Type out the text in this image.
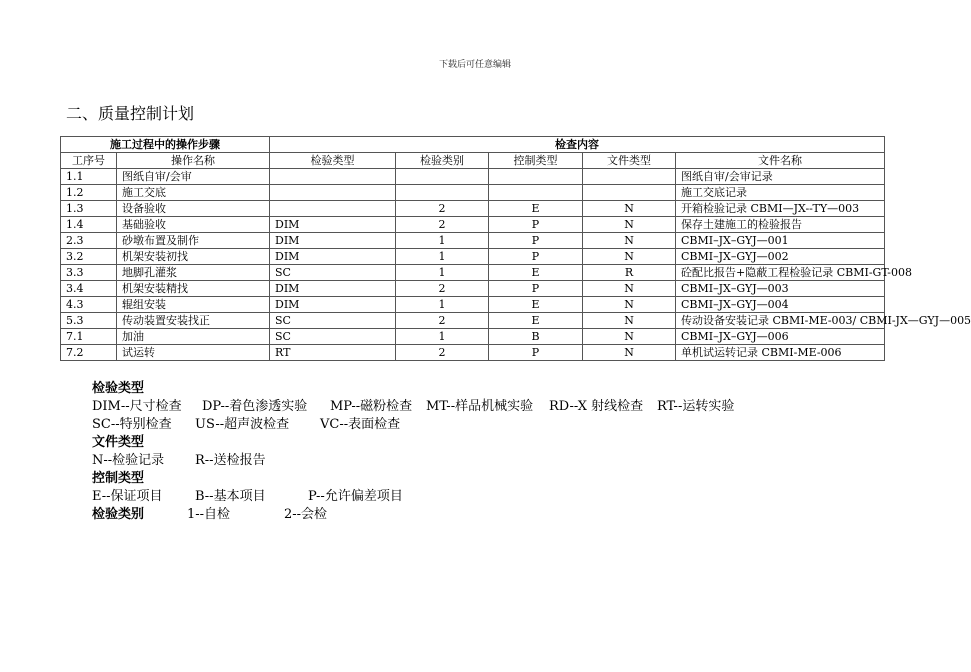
下载后可任意编辑
二、质量控制计划
施工过程中的操作步骤		检查内容				
工序号	操作名称	检验类型	检验类别	控制类型	文件类型	文件名称
1.1	图纸自审/会审					图纸自审/会审记录
1.2	施工交底					施工交底记录
1.3	设备验收		2	E	N	开箱检验记录 CBMI—JX--TY—003
1.4	基础验收	DIM	2	P	N	保存土建施工的检验报告
2.3	砂墩布置及制作	DIM	1	P	N	CBMI–JX–GYJ—001
3.2	机架安装初找	DIM	1	P	N	CBMI–JX–GYJ—002
3.3	地脚孔灌浆	SC	1	E	R	砼配比报告+隐蔽工程检验记录 CBMI-GT-008
3.4	机架安装精找	DIM	2	P	N	CBMI–JX–GYJ—003
4.3	辊组安装	DIM	1	E	N	CBMI–JX–GYJ—004
5.3	传动装置安装找正	SC	2	E	N	传动设备安装记录 CBMI-ME-003/ CBMI-JX—GYJ—005
7.1	加油	SC	1	B	N	CBMI–JX–GYJ—006
7.2	试运转	RT	2	P	N	单机试运转记录 CBMI-ME-006
检验类型
DIM--尺寸检查 DP--着色渗透实验 MP--磁粉检查 MT--样品机械实验 RD--X 射线检查 RT--运转实验
SC--特别检查 US--超声波检查 VC--表面检查
文件类型
N--检验记录 R--送检报告
控制类型
E--保证项目 B--基本项目	P--允许偏差项目
检验类别	1--自检	2--会检
